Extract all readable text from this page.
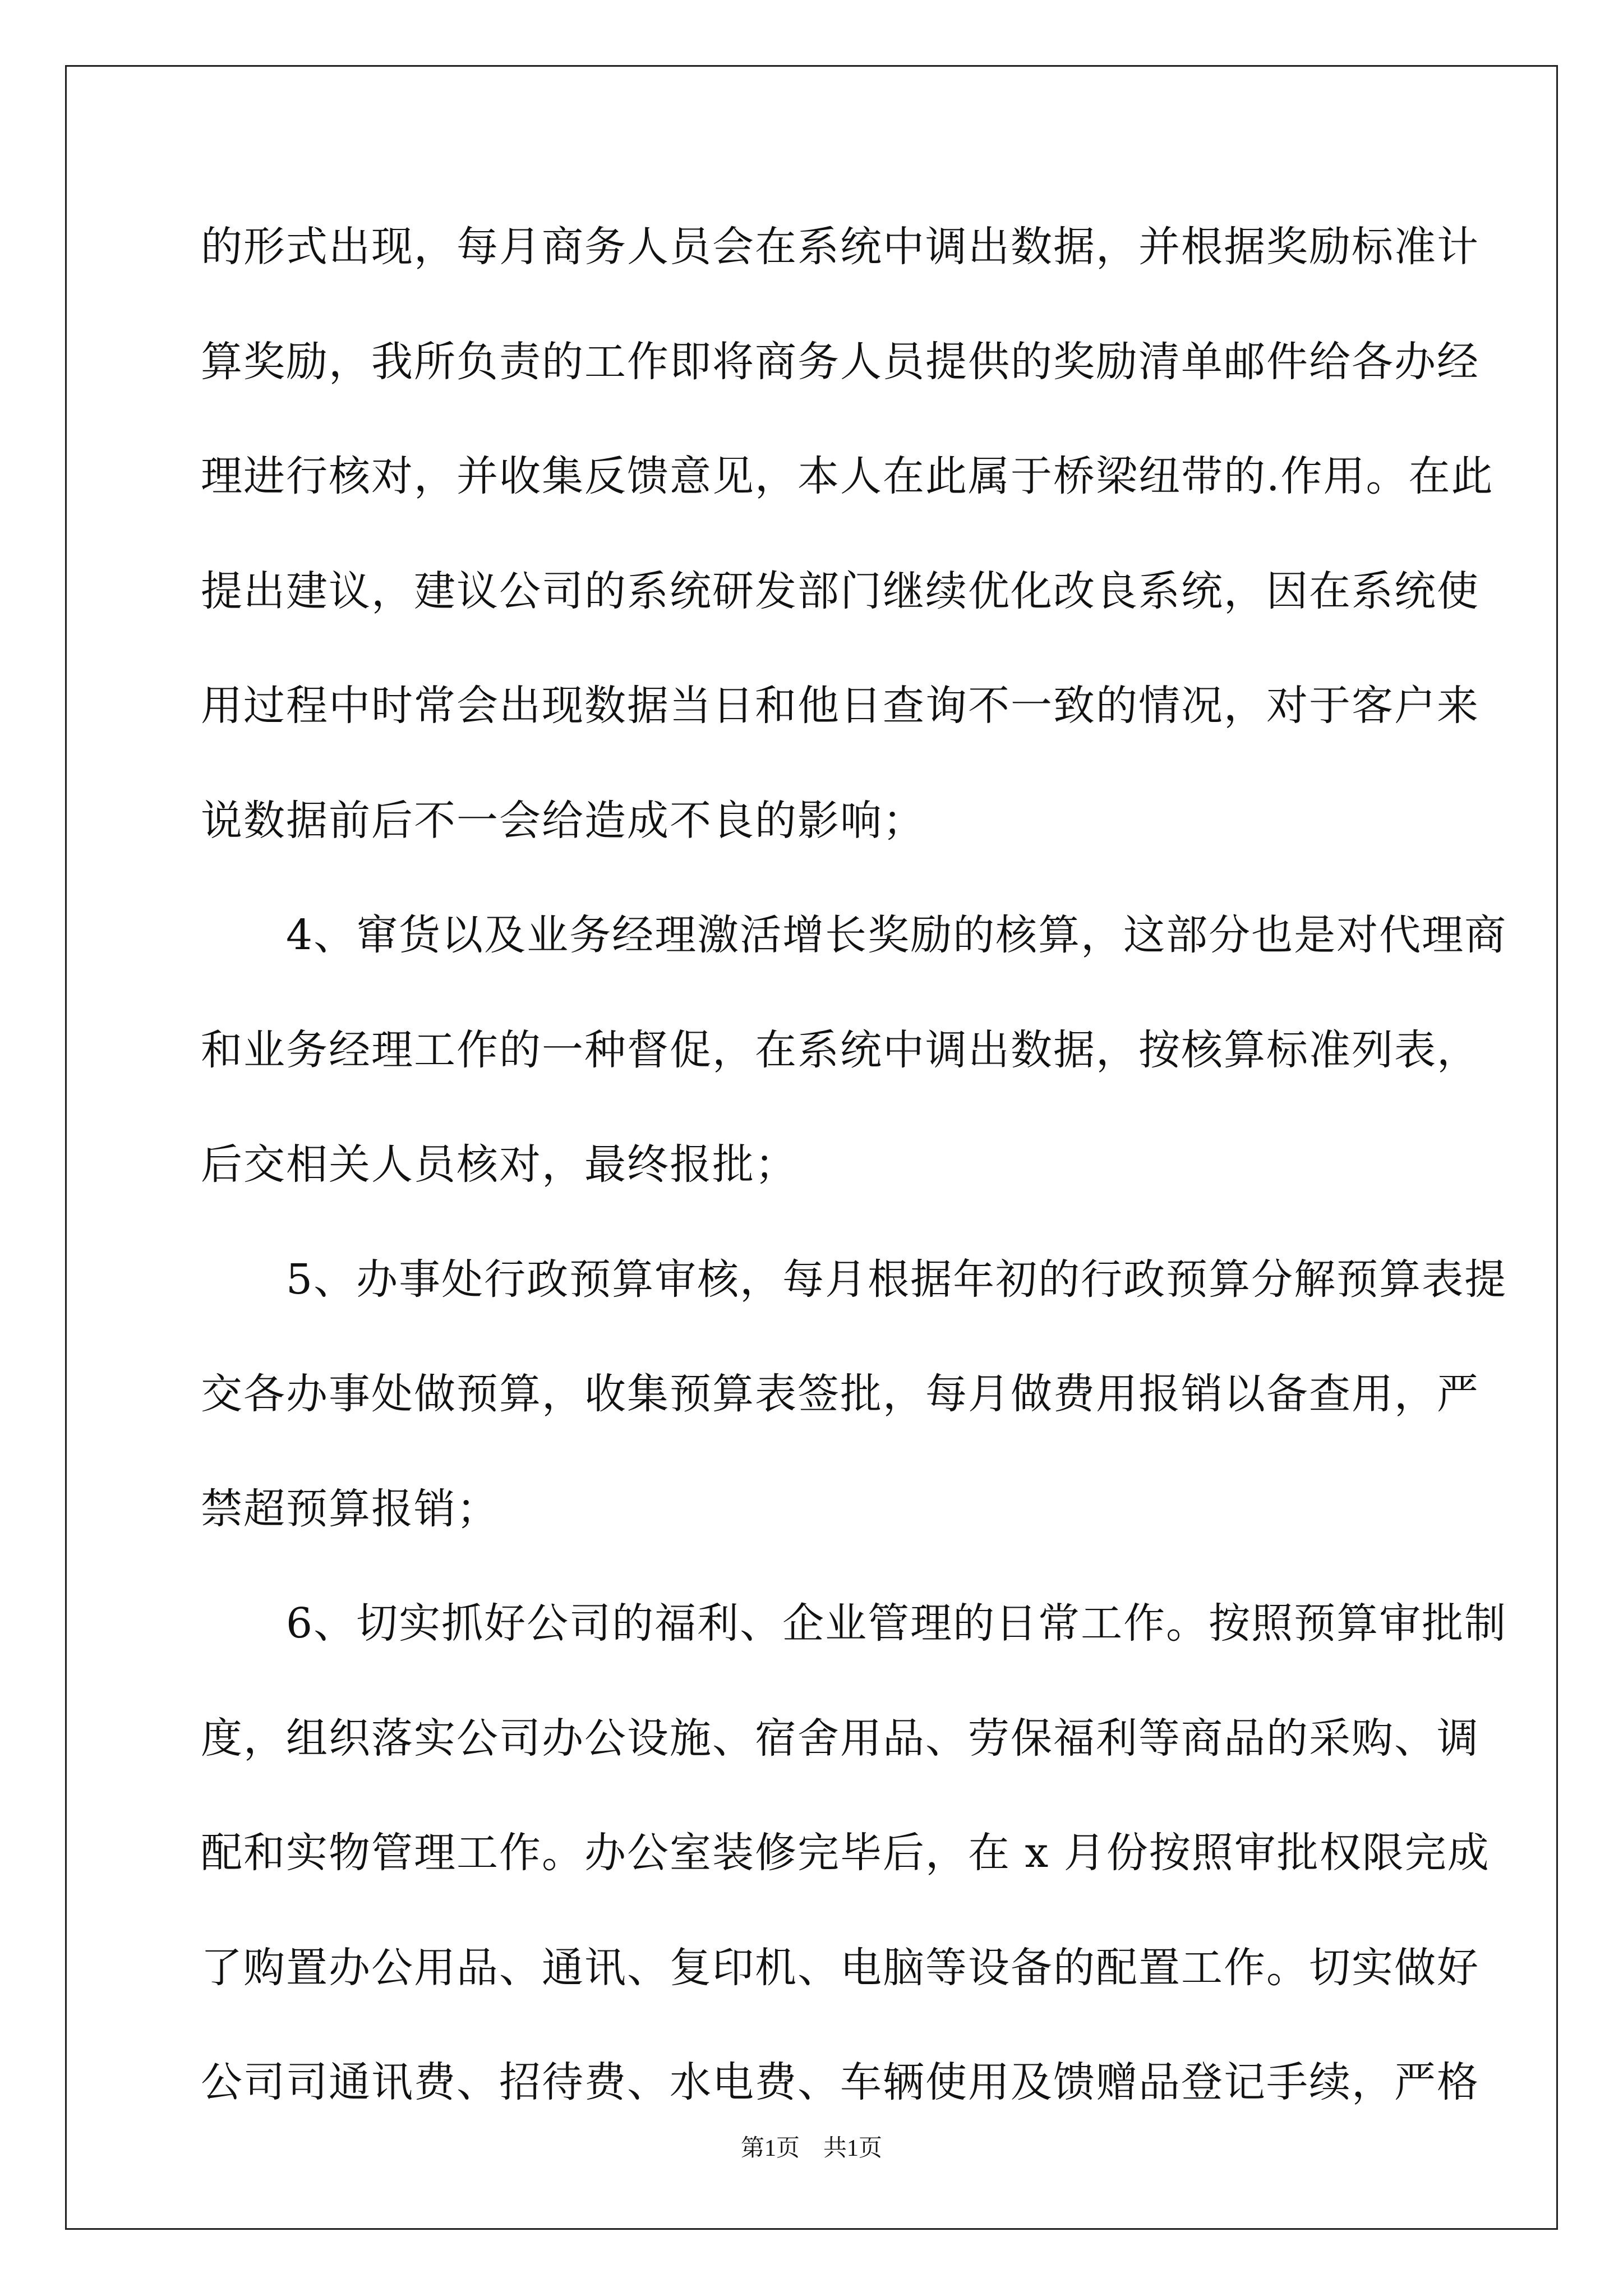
的形式出现，每月商务人员会在系统中调出数据，并根据奖励标准计
算奖励，我所负责的工作即将商务人员提供的奖励清单邮件给各办经
理进行核对，并收集反馈意见，本人在此属于桥梁纽带的.作用。在此
提出建议，建议公司的系统研发部门继续优化改良系统，因在系统使
用过程中时常会出现数据当日和他日查询不一致的情况，对于客户来
说数据前后不一会给造成不良的影响；
　　4、窜货以及业务经理激活增长奖励的核算，这部分也是对代理商
和业务经理工作的一种督促，在系统中调出数据，按核算标准列表，
后交相关人员核对，最终报批；
　　5、办事处行政预算审核，每月根据年初的行政预算分解预算表提
交各办事处做预算，收集预算表签批，每月做费用报销以备查用，严
禁超预算报销；
　　6、切实抓好公司的福利、企业管理的日常工作。按照预算审批制
度，组织落实公司办公设施、宿舍用品、劳保福利等商品的采购、调
配和实物管理工作。办公室装修完毕后，在 x 月份按照审批权限完成
了购置办公用品、通讯、复印机、电脑等设备的配置工作。切实做好
公司司通讯费、招待费、水电费、车辆使用及馈赠品登记手续，严格
第1页　共1页
